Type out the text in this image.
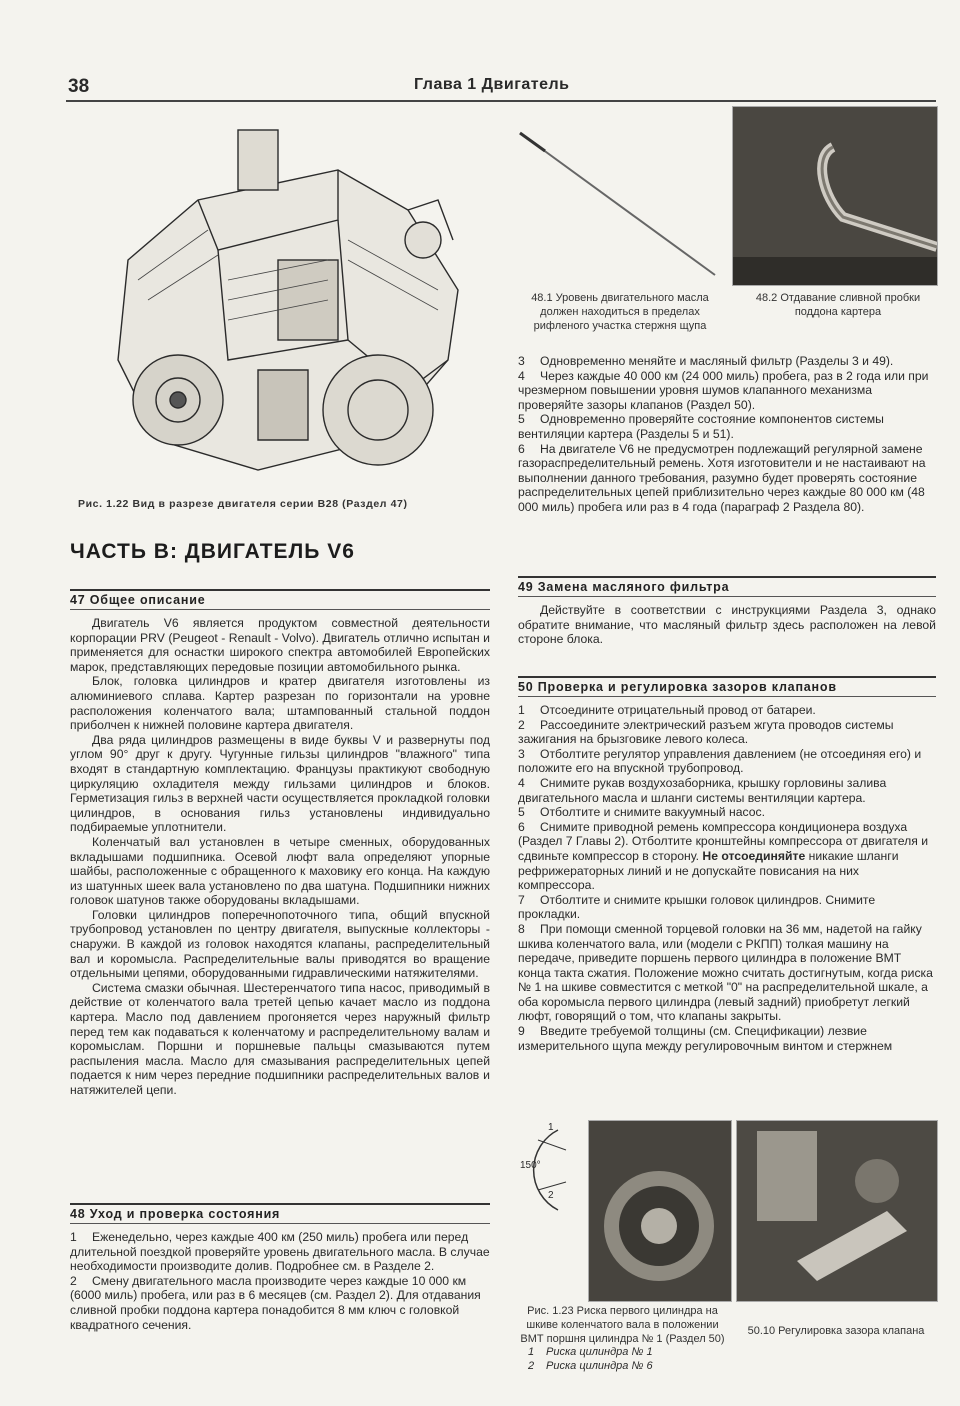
38	Глава 1 Двигатель
Рис. 1.22 Вид в разрезе двигателя серии В28 (Раздел 47)
48.1 Уровень двигательного масла должен находиться в пределах рифленого участка стержня щупа
48.2 Отдавание сливной пробки поддона картера
ЧАСТЬ В: ДВИГАТЕЛЬ V6
47 Общее описание

Двигатель V6 является продуктом совместной деятельности корпорации PRV (Peugeot - Renault - Volvo). Двигатель отлично испытан и применяется для оснастки широкого спектра автомобилей Европейских марок, представляющих передовые позиции автомобильного рынка.

Блок, головка цилиндров и кратер двигателя изготовлены из алюминиевого сплава. Картер разрезан по горизонтали на уровне расположения коленчатого вала; штампованный стальной поддон приболчен к нижней половине картера двигателя.

Два ряда цилиндров размещены в виде буквы V и развернуты под углом 90° друг к другу. Чугунные гильзы цилиндров "влажного" типа входят в стандартную комплектацию. Французы практикуют свободную циркуляцию охладителя между гильзами цилиндров и блоков. Герметизация гильз в верхней части осуществляется прокладкой головки цилиндров, в основания гильз установлены индивидуально подбираемые уплотнители.

Коленчатый вал установлен в четыре сменных, оборудованных вкладышами подшипника. Осевой люфт вала определяют упорные шайбы, расположенные с обращенного к маховику его конца. На каждую из шатунных шеек вала установлено по два шатуна. Подшипники нижних головок шатунов также оборудованы вкладышами.

Головки цилиндров поперечнопоточного типа, общий впускной трубопровод установлен по центру двигателя, выпускные коллекторы - снаружи. В каждой из головок находятся клапаны, распределительный вал и коромысла. Распределительные валы приводятся во вращение отдельными цепями, оборудованными гидравлическими натяжителями.

Система смазки обычная. Шестеренчатого типа насос, приводимый в действие от коленчатого вала третей цепью качает масло из поддона картера. Масло под давлением прогоняется через наружный фильтр перед тем как подаваться к коленчатому и распределительному валам и коромыслам. Поршни и поршневые пальцы смазываются путем распыления масла. Масло для смазывания распределительных цепей подается к ним через передние подшипники распределительных валов и натяжителей цепи.

48 Уход и проверка состояния

1 Еженедельно, через каждые 400 км (250 миль) пробега или перед длительной поездкой проверяйте уровень двигательного масла. В случае необходимости производите долив. Подробнее см. в Разделе 2.

2 Смену двигательного масла производите через каждые 10 000 км (6000 миль) пробега, или раз в 6 месяцев (см. Раздел 2). Для отдавания сливной пробки поддона картера понадобится 8 мм ключ с головкой квадратного сечения.

3 Одновременно меняйте и масляный фильтр (Разделы 3 и 49).

4 Через каждые 40 000 км (24 000 миль) пробега, раз в 2 года или при чрезмерном повышении уровня шумов клапанного механизма проверяйте зазоры клапанов (Раздел 50).

5 Одновременно проверяйте состояние компонентов системы вентиляции картера (Разделы 5 и 51).

6 На двигателе V6 не предусмотрен подлежащий регулярной замене газораспределительный ремень. Хотя изготовители и не настаивают на выполнении данного требования, разумно будет проверять состояние распределительных цепей приблизительно через каждые 80 000 км (48 000 миль) пробега или раз в 4 года (параграф 2 Раздела 80).

49 Замена масляного фильтра

Действуйте в соответствии с инструкциями Раздела 3, однако обратите внимание, что масляный фильтр здесь расположен на левой стороне блока.

50 Проверка и регулировка зазоров клапанов

1 Отсоедините отрицательный провод от батареи.

2 Рассоедините электрический разъем жгута проводов системы зажигания на брызговике левого колеса.

3 Отболтите регулятор управления давлением (не отсоединяя его) и положите его на впускной трубопровод.

4 Снимите рукав воздухозаборника, крышку горловины залива двигательного масла и шланги системы вентиляции картера.

5 Отболтите и снимите вакуумный насос.

6 Снимите приводной ремень компрессора кондиционера воздуха (Раздел 7 Главы 2). Отболтите кронштейны компрессора от двигателя и сдвиньте компрессор в сторону. Не отсоединяйте никакие шланги рефрижераторных линий и не допускайте повисания на них компрессора.

7 Отболтите и снимите крышки головок цилиндров. Снимите прокладки.

8 При помощи сменной торцевой головки на 36 мм, надетой на гайку шкива коленчатого вала, или (модели с РКПП) толкая машину на передаче, приведите поршень первого цилиндра в положение ВМТ конца такта сжатия. Положение можно считать достигнутым, когда риска № 1 на шкиве совместится с меткой "0" на распределительной шкале, а оба коромысла первого цилиндра (левый задний) приобретут легкий люфт, говорящий о том, что клапаны закрыты.

9 Введите требуемой толщины (см. Спецификации) лезвие измерительного щупа между регулировочным винтом и стержнем

1
150°
2
Рис. 1.23 Риска первого цилиндра на шкиве коленчатого вала в положении ВМТ поршня цилиндра № 1 (Раздел 50)
1 Риска цилиндра № 1
2 Риска цилиндра № 6
50.10 Регулировка зазора клапана
